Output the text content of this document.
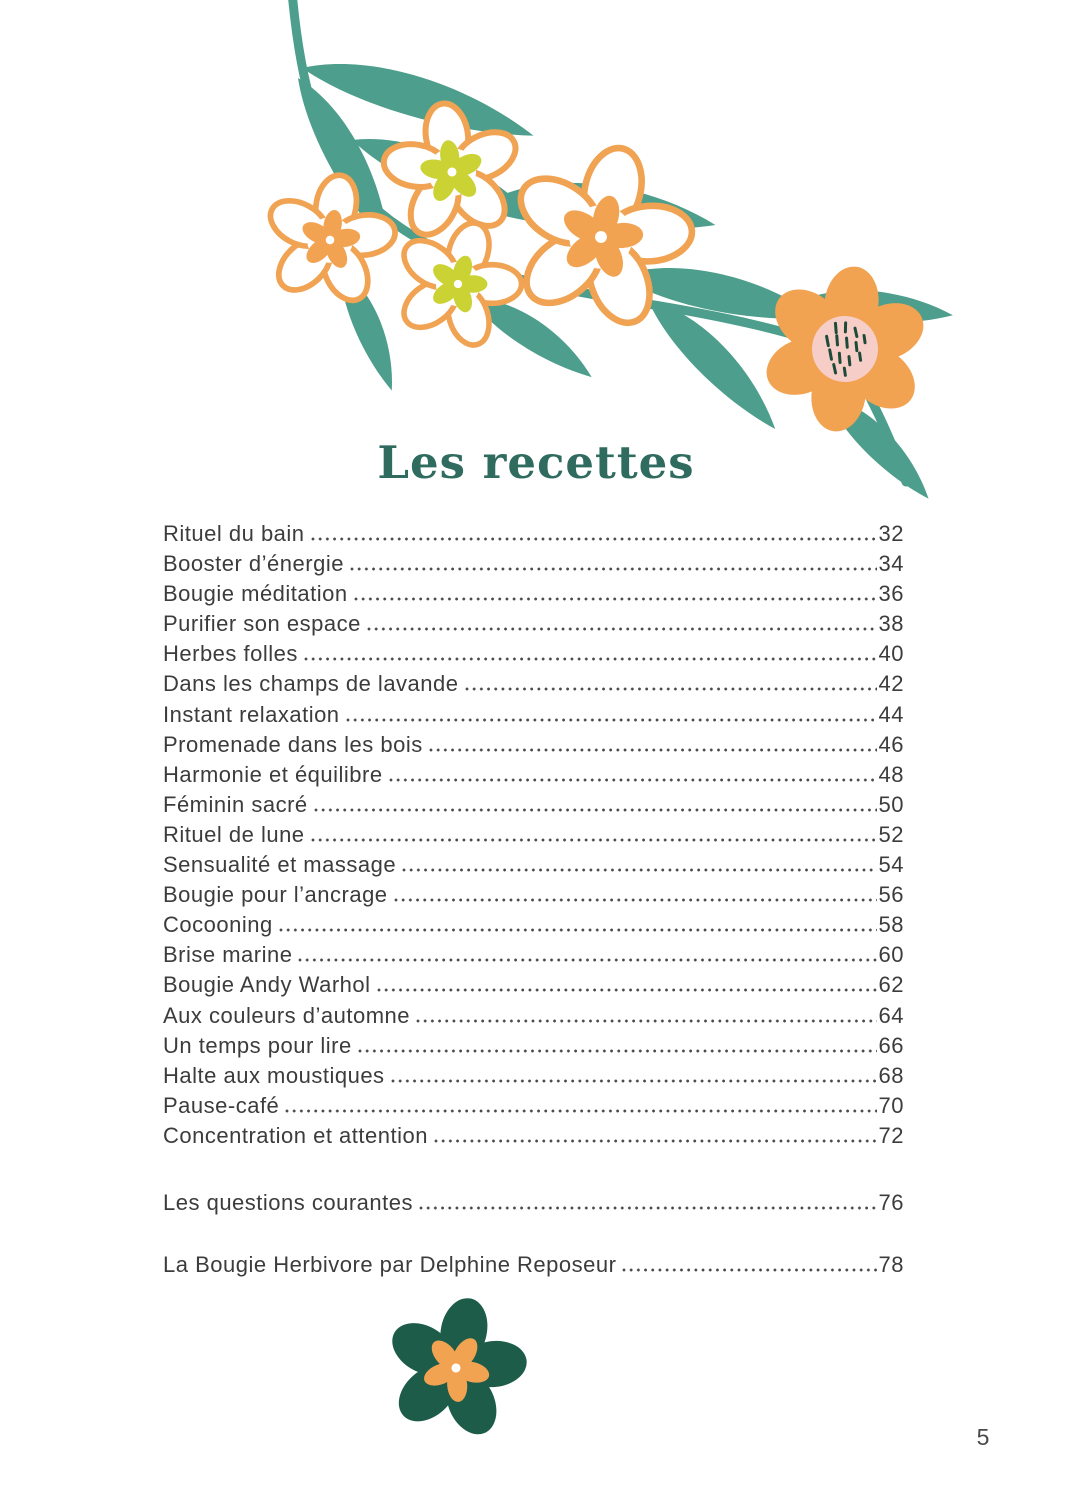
Les recettes
Rituel du bain	32
Booster d’énergie	34
Bougie méditation	36
Purifier son espace	38
Herbes folles	40
Dans les champs de lavande	42
Instant relaxation	44
Promenade dans les bois	46
Harmonie et équilibre	48
Féminin sacré	50
Rituel de lune	52
Sensualité et massage	54
Bougie pour l’ancrage	56
Cocooning	58
Brise marine	60
Bougie Andy Warhol	62
Aux couleurs d’automne	64
Un temps pour lire	66
Halte aux moustiques	68
Pause-café	70
Concentration et attention	72
Les questions courantes	76
La Bougie Herbivore par Delphine Reposeur	78
5
